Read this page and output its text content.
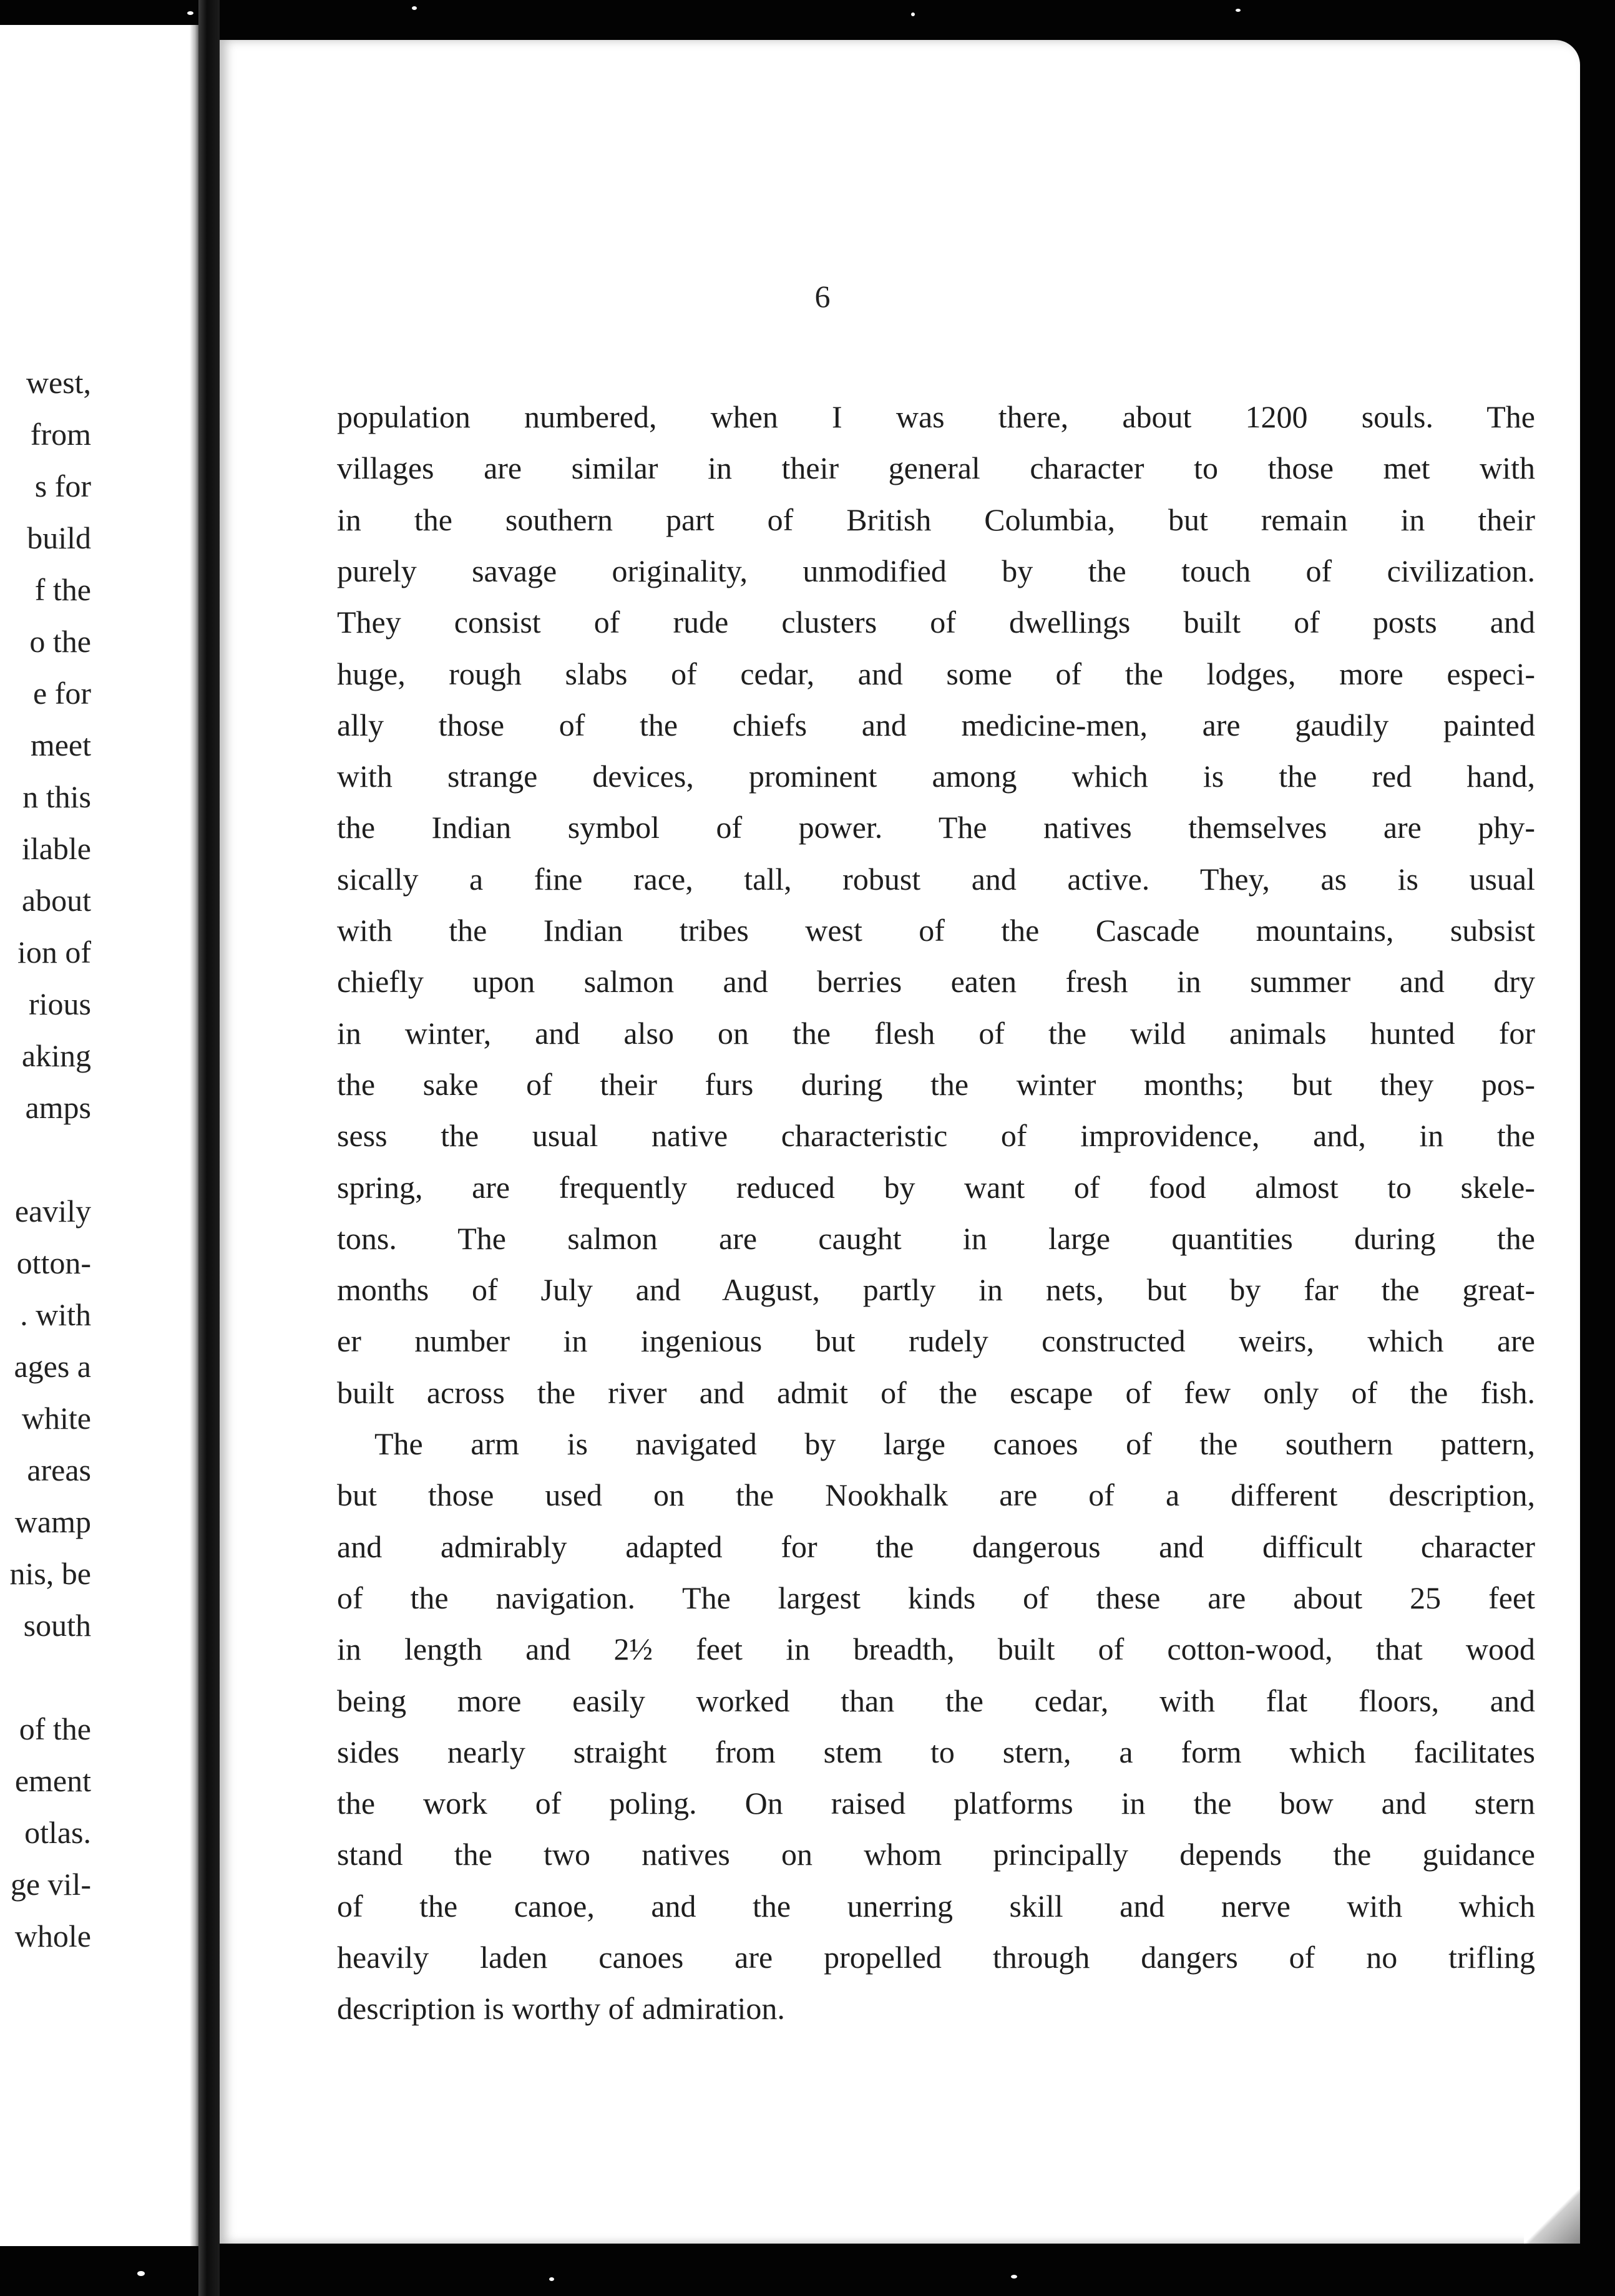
west,
from
s for
build
f the
o the
e for
meet
n this
ilable
about
ion of
rious
aking
amps
eavily
otton-
. with
ages a
white
areas
wamp
nis, be
south
of the
ement
otlas.
ge vil-
whole
6
population numbered, when I was there, about 1200 souls. The
villages are similar in their general character to those met with
in the southern part of British Columbia, but remain in their
purely savage originality, unmodified by the touch of civilization.
They consist of rude clusters of dwellings built of posts and
huge, rough slabs of cedar, and some of the lodges, more especi-
ally those of the chiefs and medicine-men, are gaudily painted
with strange devices, prominent among which is the red hand,
the Indian symbol of power. The natives themselves are phy-
sically a fine race, tall, robust and active. They, as is usual
with the Indian tribes west of the Cascade mountains, subsist
chiefly upon salmon and berries eaten fresh in summer and dry
in winter, and also on the flesh of the wild animals hunted for
the sake of their furs during the winter months; but they pos-
sess the usual native characteristic of improvidence, and, in the
spring, are frequently reduced by want of food almost to skele-
tons. The salmon are caught in large quantities during the
months of July and August, partly in nets, but by far the great-
er number in ingenious but rudely constructed weirs, which are
built across the river and admit of the escape of few only of the fish.
The arm is navigated by large canoes of the southern pattern,
but those used on the Nookhalk are of a different description,
and admirably adapted for the dangerous and difficult character
of the navigation. The largest kinds of these are about 25 feet
in length and 2½ feet in breadth, built of cotton-wood, that wood
being more easily worked than the cedar, with flat floors, and
sides nearly straight from stem to stern, a form which facilitates
the work of poling. On raised platforms in the bow and stern
stand the two natives on whom principally depends the guidance
of the canoe, and the unerring skill and nerve with which
heavily laden canoes are propelled through dangers of no trifling
description is worthy of admiration.
